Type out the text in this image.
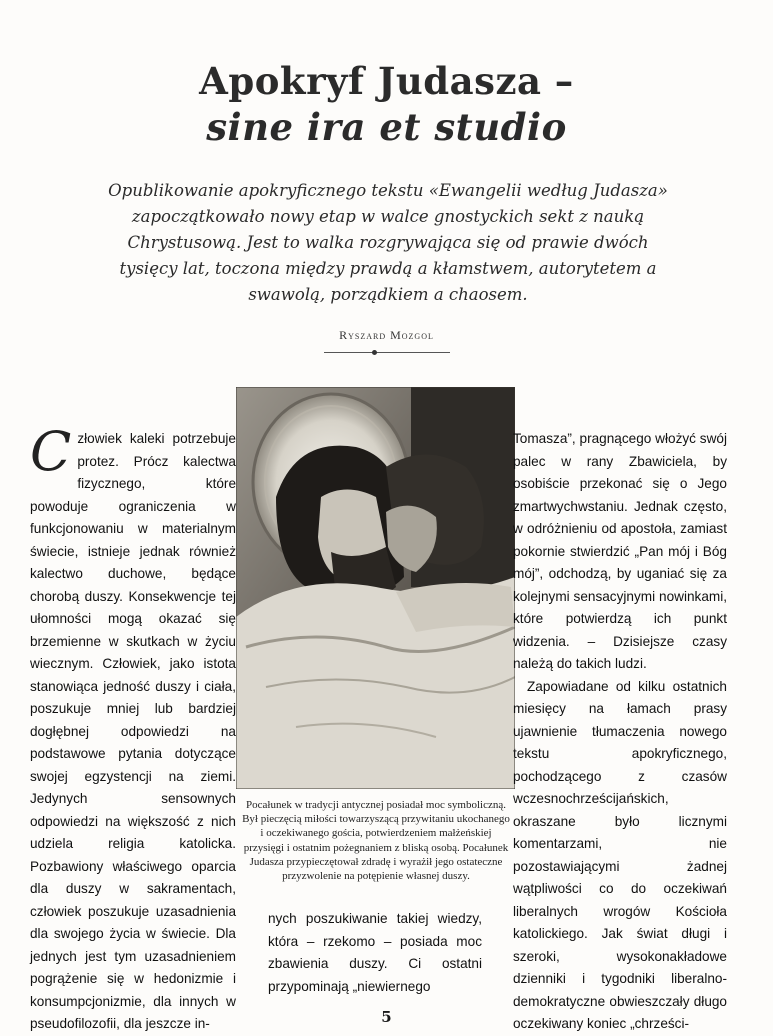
Apokryf Judasza –
sine ira et studio
Opublikowanie apokryficznego tekstu «Ewangelii według Judasza» zapoczątkowało nowy etap w walce gnostyckich sekt z nauką Chrystusową. Jest to walka rozgrywająca się od prawie dwóch tysięcy lat, toczona między prawdą a kłamstwem, autorytetem a swawolą, porządkiem a chaosem.
Ryszard Mozgol
C złowiek kaleki potrzebuje protez. Prócz kalectwa fizycznego, które powoduje ograniczenia w funkcjonowaniu w materialnym świecie, istnieje jednak również kalectwo duchowe, będące chorobą duszy. Konsekwencje tej ułomności mogą okazać się brzemienne w skutkach w życiu wiecznym. Człowiek, jako istota stanowiąca jedność duszy i ciała, poszukuje mniej lub bardziej dogłębnej odpowiedzi na podstawowe pytania dotyczące swojej egzystencji na ziemi. Jedynych sensownych odpowiedzi na większość z nich udziela religia katolicka. Pozbawiony właściwego oparcia dla duszy w sakramentach, człowiek poszukuje uzasadnienia dla swojego życia w świecie. Dla jednych jest tym uzasadnieniem pogrążenie się w hedonizmie i konsumpcjonizmie, dla innych w pseudofilozofii, dla jeszcze in-

Pocałunek w tradycji antycznej posiadał moc symboliczną. Był pieczęcią miłości towarzyszącą przywitaniu ukochanego i oczekiwanego gościa, potwierdzeniem małżeńskiej przysięgi i ostatnim pożegnaniem z bliską osobą. Pocałunek Judasza przypieczętował zdradę i wyrażił jego ostateczne przyzwolenie na potępienie własnej duszy.

nych poszukiwanie takiej wiedzy, która – rzekomo – posiada moc zbawienia duszy. Ci ostatni przypominają „niewiernego

Tomasza”, pragnącego włożyć swój palec w rany Zbawiciela, by osobiście przekonać się o Jego zmartwychwstaniu. Jednak często, w odróżnieniu od apostoła, zamiast pokornie stwierdzić „Pan mój i Bóg mój”, odchodzą, by uganiać się za kolejnymi sensacyjnymi nowinkami, które potwierdzą ich punkt widzenia. – Dzisiejsze czasy należą do takich ludzi.

Zapowiadane od kilku ostatnich miesięcy na łamach prasy ujawnienie tłumaczenia nowego tekstu apokryficznego, pochodzącego z czasów wczesnochrześcijańskich, okraszane było licznymi komentarzami, nie pozostawiającymi żadnej wątpliwości co do oczekiwań liberalnych wrogów Kościoła katolickiego. Jak świat długi i szeroki, wysokonakładowe dzienniki i tygodniki liberalno-demokratyczne obwieszczały długo oczekiwany koniec „chrześci-

5
